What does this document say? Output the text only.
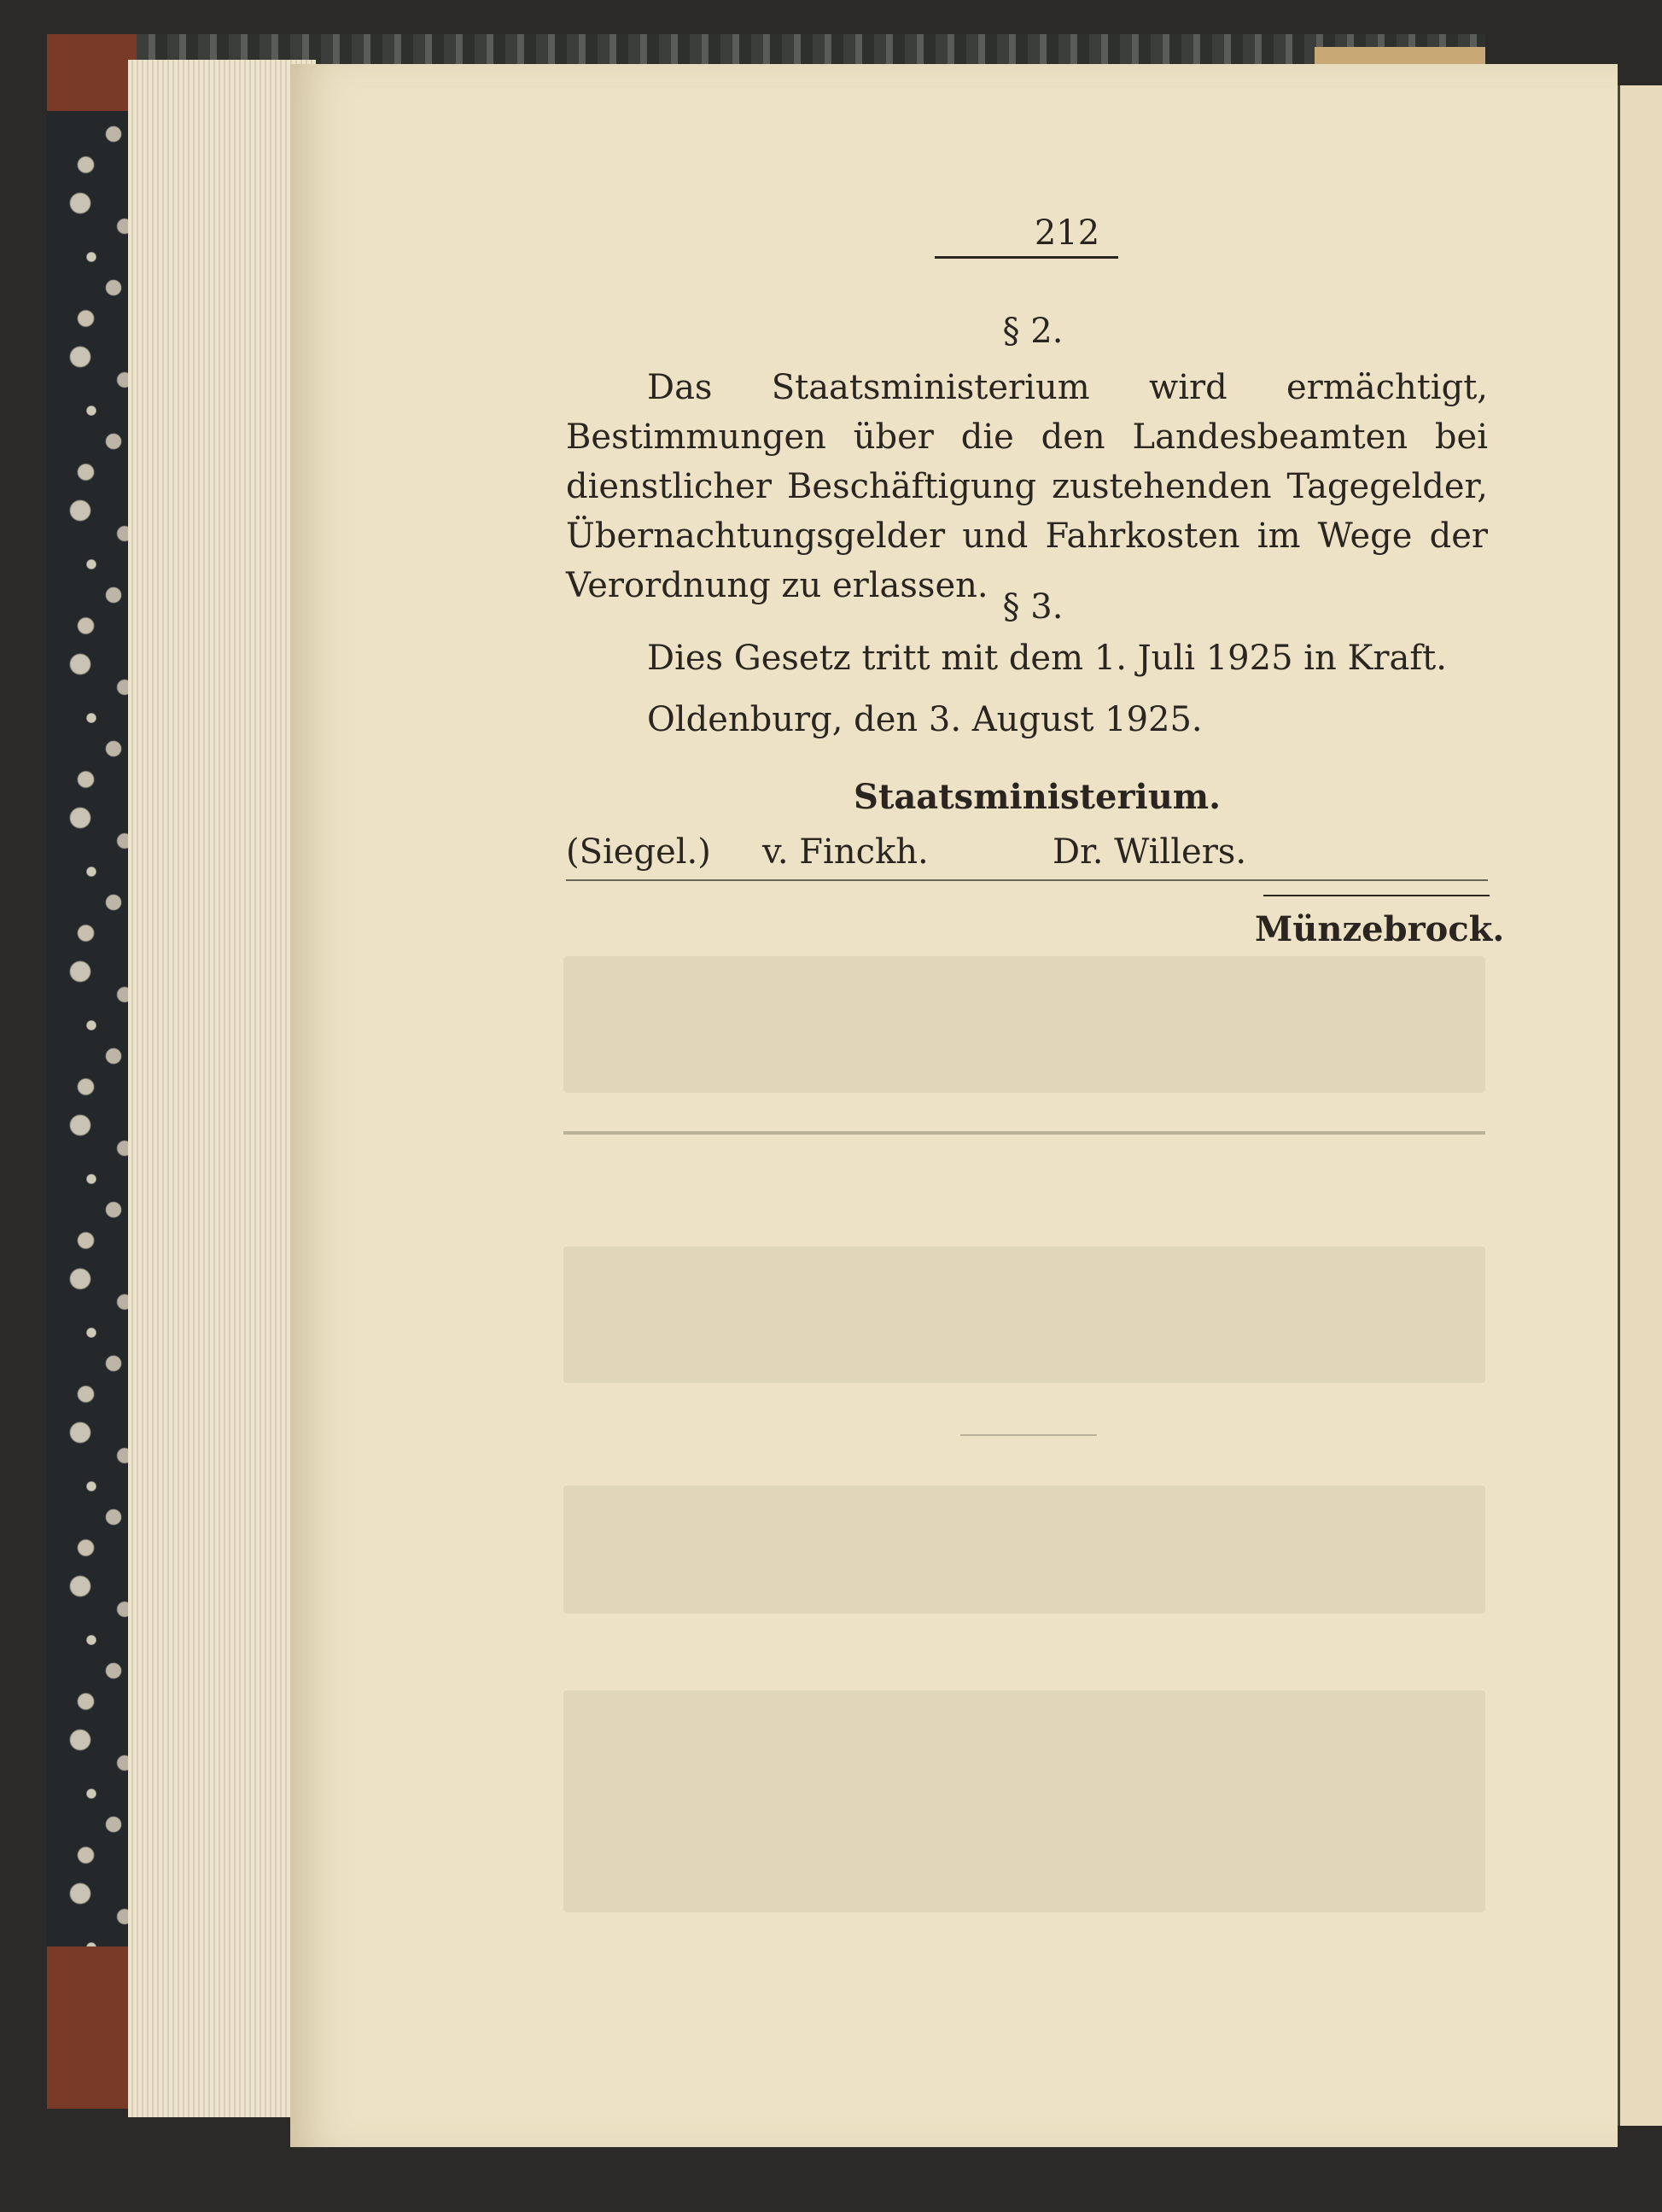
212
§ 2.
Das Staatsministerium wird ermächtigt, Bestimmungen über die den Landesbeamten bei dienstlicher Beschäftigung zustehenden Tagegelder, Übernachtungsgelder und Fahrkosten im Wege der Verordnung zu erlassen.
§ 3.
Dies Gesetz tritt mit dem 1. Juli 1925 in Kraft.
Oldenburg, den 3. August 1925.
Staatsministerium.
(Siegel.) v. Finckh.	Dr. Willers.
Münzebrock.
